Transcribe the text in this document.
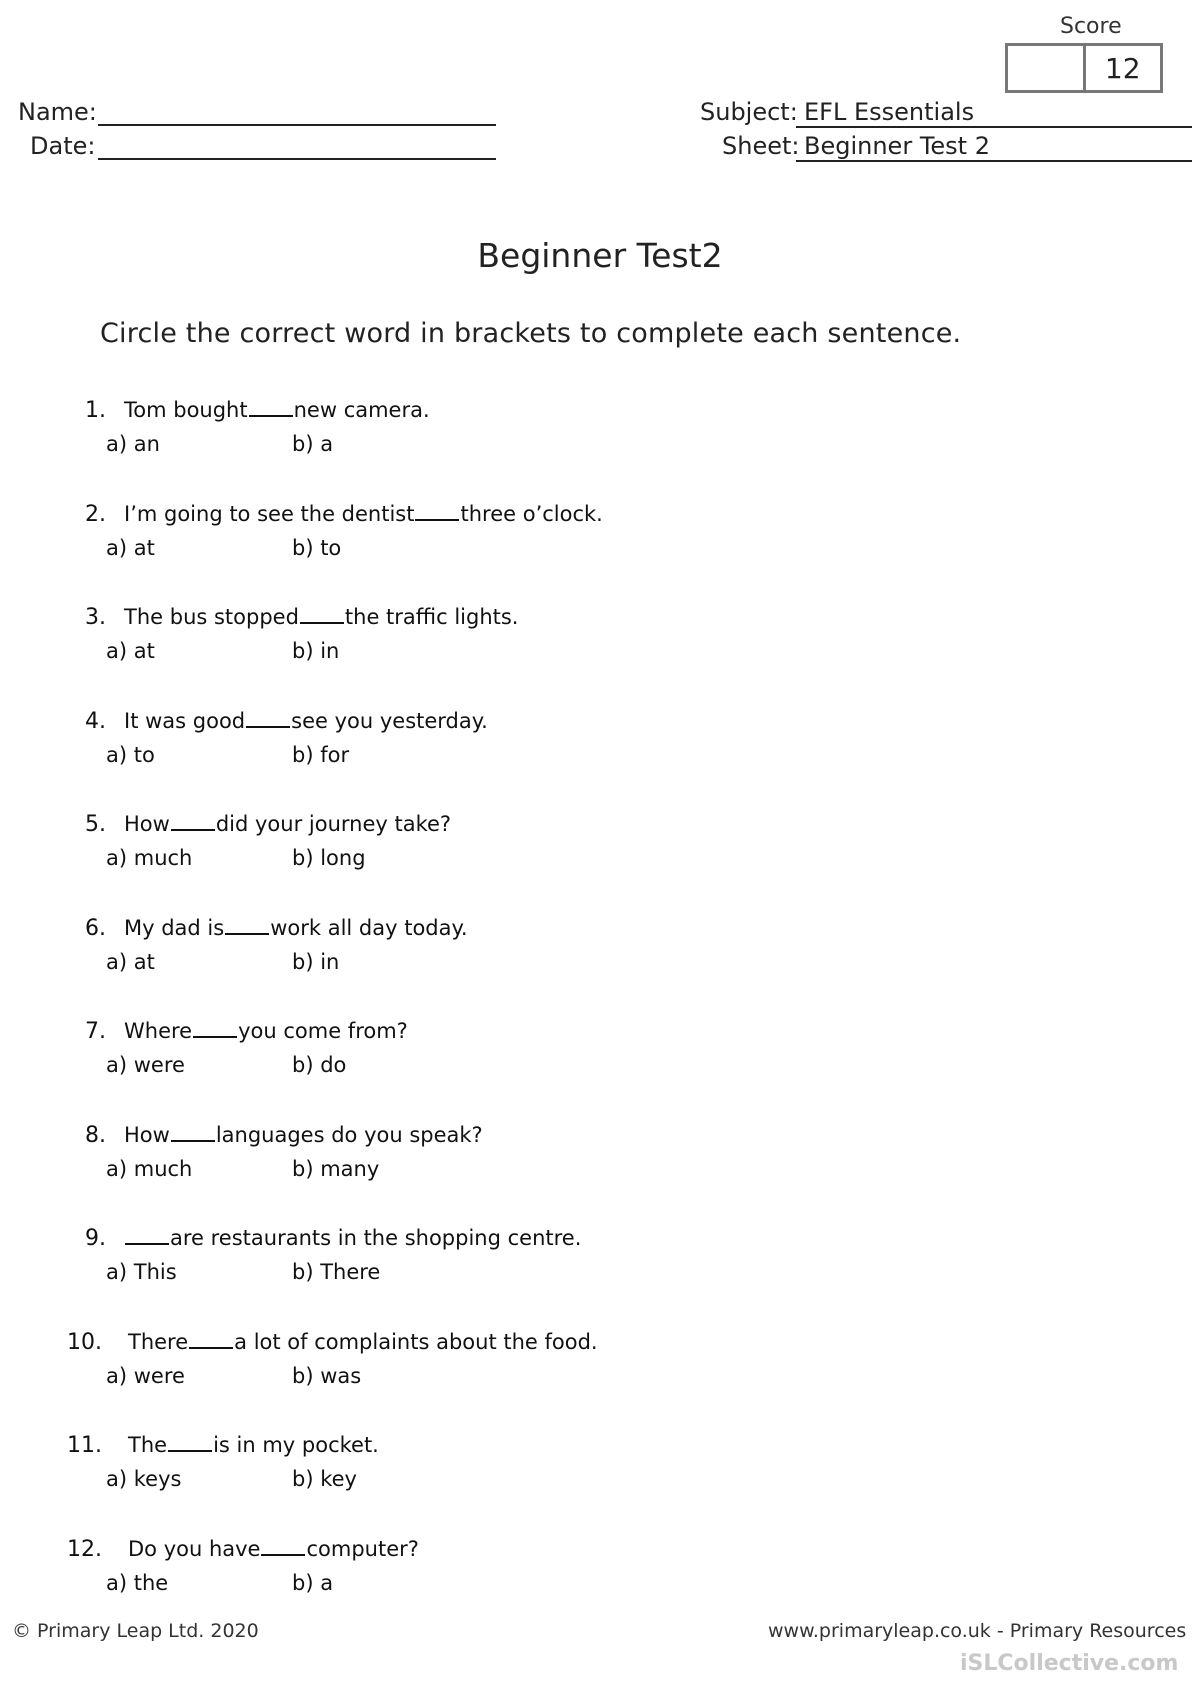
Score
12
Name:
Date:
Subject: EFL Essentials
Sheet: Beginner Test 2
Beginner Test2
Circle the correct word in brackets to complete each sentence.
1. Tom bought new camera.
a) an	b) a
2. I’m going to see the dentist three o’clock.
a) at	b) to
3. The bus stopped the traffic lights.
a) at	b) in
4. It was good see you yesterday.
a) to	b) for
5. How did your journey take?
a) much	b) long
6. My dad is work all day today.
a) at	b) in
7. Where you come from?
a) were	b) do
8. How languages do you speak?
a) much	b) many
9.	are restaurants in the shopping centre.
a) This	b) There
10. There a lot of complaints about the food.
a) were	b) was
11. The is in my pocket.
a) keys	b) key
12. Do you have computer?
a) the	b) a
© Primary Leap Ltd. 2020	www.primaryleap.co.uk - Primary Resources
iSLCollective.com
